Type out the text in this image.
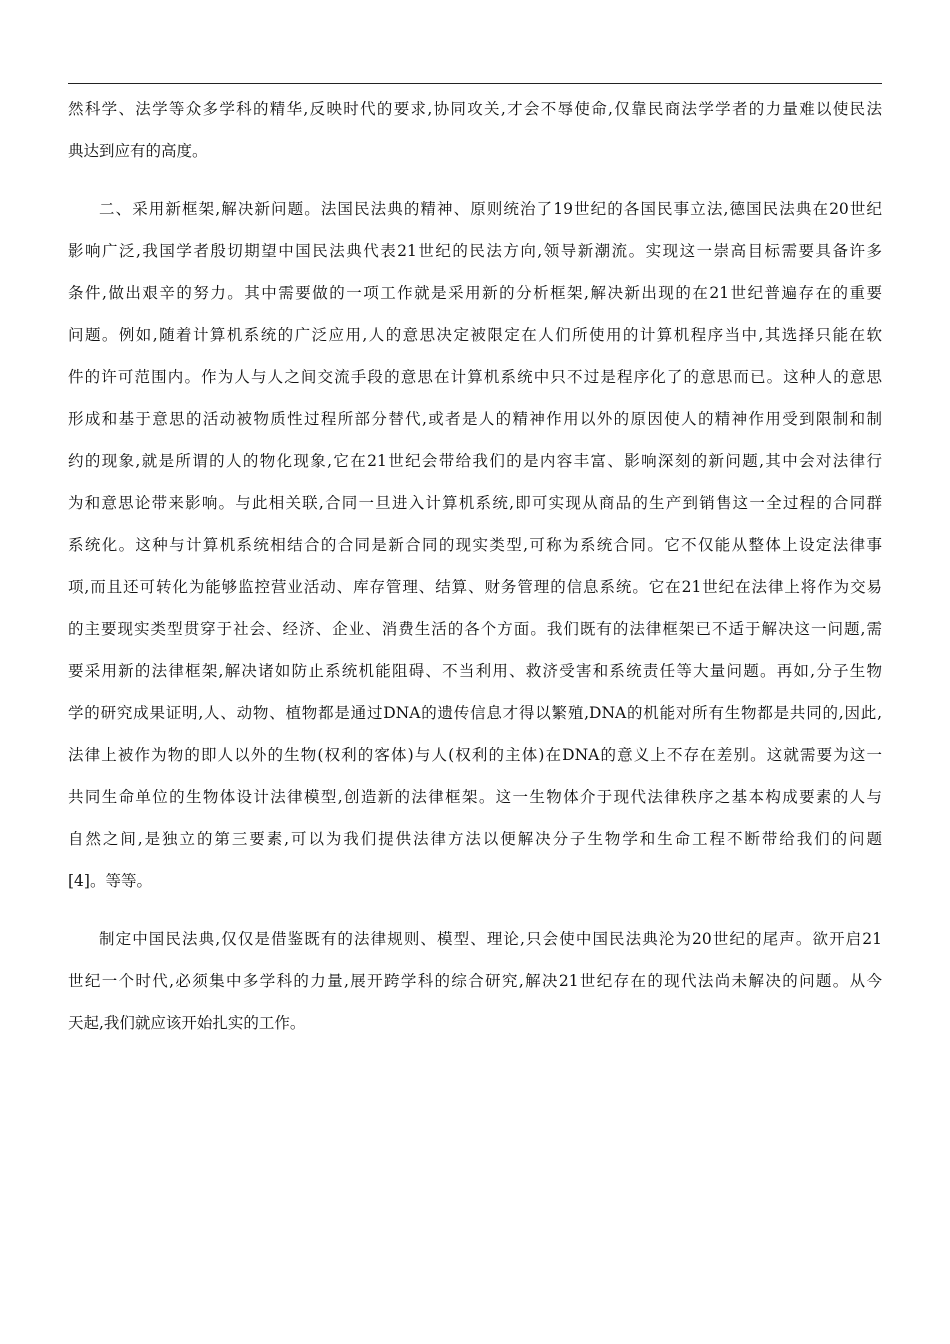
然科学、法学等众多学科的精华,反映时代的要求,协同攻关,才会不辱使命,仅靠民商法学学者的力量难以使民法
典达到应有的高度。
二、采用新框架,解决新问题。法国民法典的精神、原则统治了19世纪的各国民事立法,德国民法典在20世纪
影响广泛,我国学者殷切期望中国民法典代表21世纪的民法方向,领导新潮流。实现这一崇高目标需要具备许多
条件,做出艰辛的努力。其中需要做的一项工作就是采用新的分析框架,解决新出现的在21世纪普遍存在的重要
问题。例如,随着计算机系统的广泛应用,人的意思决定被限定在人们所使用的计算机程序当中,其选择只能在软
件的许可范围内。作为人与人之间交流手段的意思在计算机系统中只不过是程序化了的意思而已。这种人的意思
形成和基于意思的活动被物质性过程所部分替代,或者是人的精神作用以外的原因使人的精神作用受到限制和制
约的现象,就是所谓的人的物化现象,它在21世纪会带给我们的是内容丰富、影响深刻的新问题,其中会对法律行
为和意思论带来影响。与此相关联,合同一旦进入计算机系统,即可实现从商品的生产到销售这一全过程的合同群
系统化。这种与计算机系统相结合的合同是新合同的现实类型,可称为系统合同。它不仅能从整体上设定法律事
项,而且还可转化为能够监控营业活动、库存管理、结算、财务管理的信息系统。它在21世纪在法律上将作为交易
的主要现实类型贯穿于社会、经济、企业、消费生活的各个方面。我们既有的法律框架已不适于解决这一问题,需
要采用新的法律框架,解决诸如防止系统机能阻碍、不当利用、救济受害和系统责任等大量问题。再如,分子生物
学的研究成果证明,人、动物、植物都是通过DNA的遗传信息才得以繁殖,DNA的机能对所有生物都是共同的,因此,
法律上被作为物的即人以外的生物(权利的客体)与人(权利的主体)在DNA的意义上不存在差别。这就需要为这一
共同生命单位的生物体设计法律模型,创造新的法律框架。这一生物体介于现代法律秩序之基本构成要素的人与
自然之间,是独立的第三要素,可以为我们提供法律方法以便解决分子生物学和生命工程不断带给我们的问题
[4]。等等。
制定中国民法典,仅仅是借鉴既有的法律规则、模型、理论,只会使中国民法典沦为20世纪的尾声。欲开启21
世纪一个时代,必须集中多学科的力量,展开跨学科的综合研究,解决21世纪存在的现代法尚未解决的问题。从今
天起,我们就应该开始扎实的工作。
